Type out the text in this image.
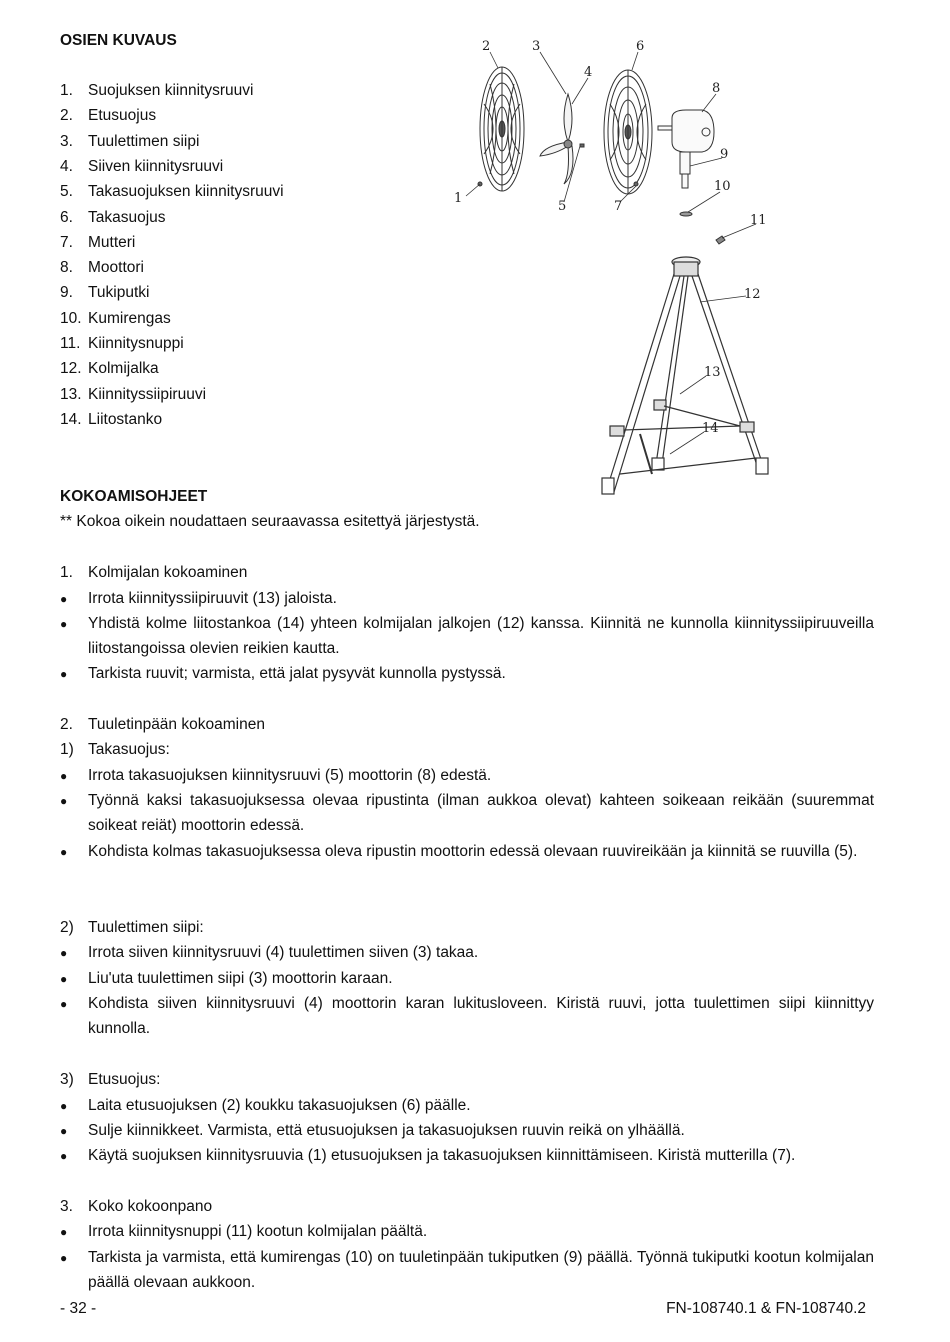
OSIEN KUVAUS
1. Suojuksen kiinnitysruuvi
2. Etusuojus
3. Tuulettimen siipi
4. Siiven kiinnitysruuvi
5. Takasuojuksen kiinnitysruuvi
6. Takasuojus
7. Mutteri
8. Moottori
9. Tukiputki
10. Kumirengas
11. Kiinnitysnuppi
12. Kolmijalka
13. Kiinnityssiipiruuvi
14. Liitostanko
1
2	3
4
5
6
7
8
9
10
11
12
13
14
KOKOAMISOHJEET
** Kokoa oikein noudattaen seuraavassa esitettyä järjestystä.
1. Kolmijalan kokoaminen
● Irrota kiinnityssiipiruuvit (13) jaloista.
● Yhdistä kolme liitostankoa (14) yhteen kolmijalan jalkojen (12) kanssa. Kiinnitä ne kunnolla kiinnityssiipiruuveilla liitostangoissa olevien reikien kautta.
● Tarkista ruuvit; varmista, että jalat pysyvät kunnolla pystyssä.
2. Tuuletinpään kokoaminen
1) Takasuojus:
● Irrota takasuojuksen kiinnitysruuvi (5) moottorin (8) edestä.
● Työnnä kaksi takasuojuksessa olevaa ripustinta (ilman aukkoa olevat) kahteen soikeaan reikään (suuremmat soikeat reiät) moottorin edessä.
● Kohdista kolmas takasuojuksessa oleva ripustin moottorin edessä olevaan ruuvireikään ja kiinnitä se ruuvilla (5).
2) Tuulettimen siipi:
● Irrota siiven kiinnitysruuvi (4) tuulettimen siiven (3) takaa.
● Liu'uta tuulettimen siipi (3) moottorin karaan.
● Kohdista siiven kiinnitysruuvi (4) moottorin karan lukitusloveen. Kiristä ruuvi, jotta tuulettimen siipi kiinnittyy kunnolla.
3) Etusuojus:
● Laita etusuojuksen (2) koukku takasuojuksen (6) päälle.
● Sulje kiinnikkeet. Varmista, että etusuojuksen ja takasuojuksen ruuvin reikä on ylhäällä.
● Käytä suojuksen kiinnitysruuvia (1) etusuojuksen ja takasuojuksen kiinnittämiseen. Kiristä mutterilla (7).
3. Koko kokoonpano
● Irrota kiinnitysnuppi (11) kootun kolmijalan päältä.
● Tarkista ja varmista, että kumirengas (10) on tuuletinpään tukiputken (9) päällä. Työnnä tukiputki kootun kolmijalan päällä olevaan aukkoon.
- 32 -	FN-108740.1 & FN-108740.2
